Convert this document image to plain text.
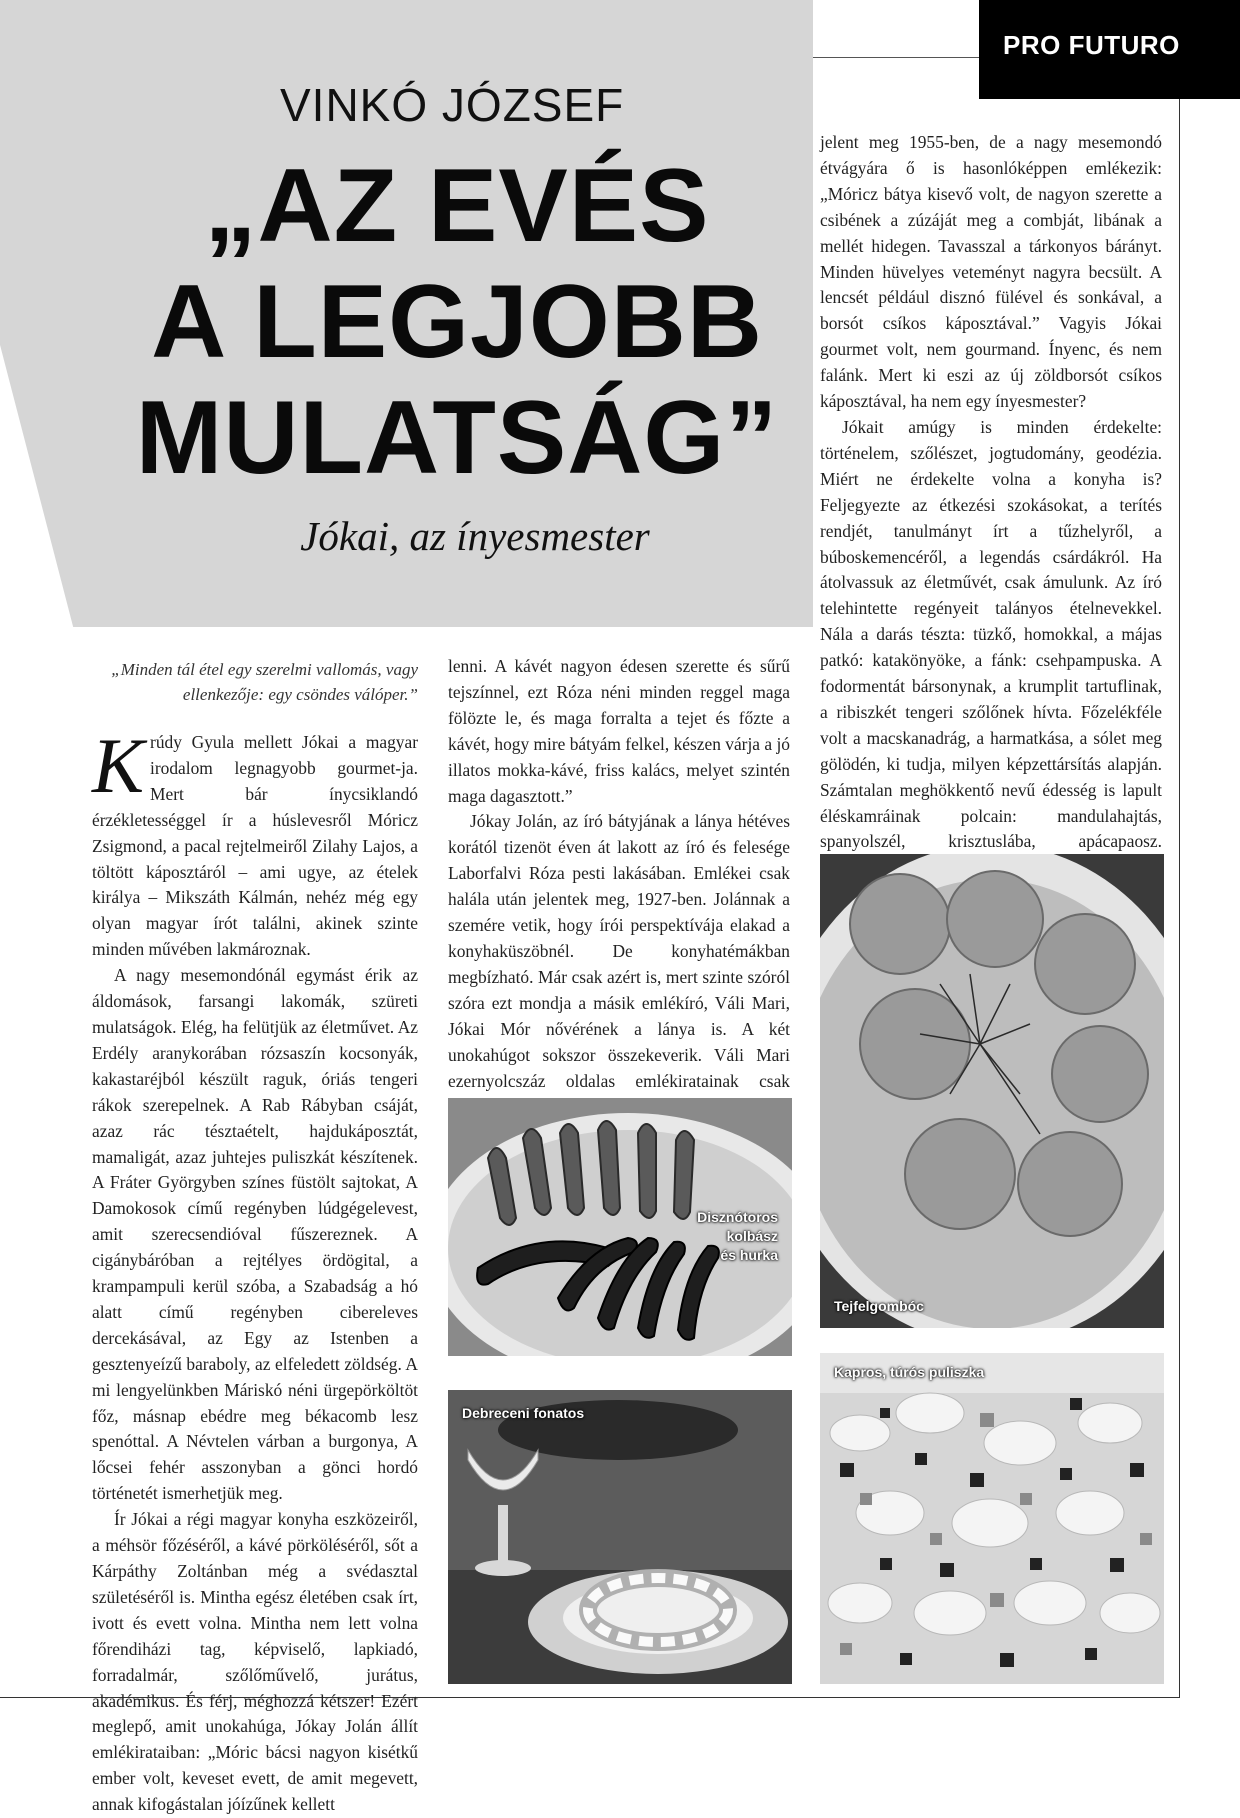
PRO FUTURO
VINKÓ JÓZSEF
„AZ EVÉS
A LEGJOBB
MULATSÁG”
Jókai, az ínyesmester
„Minden tál étel egy szerelmi vallomás, vagy ellenkezője: egy csöndes válóper.”

Krúdy Gyula mellett Jókai a magyar irodalom legnagyobb gourmet-ja. Mert bár ínycsiklandó érzékletességgel ír a húslevesről Móricz Zsigmond, a pacal rejtelmeiről Zilahy Lajos, a töltött káposztáról – ami ugye, az ételek királya – Mikszáth Kálmán, nehéz még egy olyan magyar írót találni, akinek szinte minden művében lakmároznak.

A nagy mesemondónál egymást érik az áldomások, farsangi lakomák, szüreti mulatságok. Elég, ha felütjük az életművet. Az Erdély aranykorában rózsaszín kocsonyák, kakastaréjból készült raguk, óriás tengeri rákok szerepelnek. A Rab Rábyban csáját, azaz rác tésztaételt, hajdukáposztát, mamaligát, azaz juhtejes puliszkát készítenek. A Fráter Györgyben színes füstölt sajtokat, A Damokosok című regényben lúdgégelevest, amit szerecsendióval fűszereznek. A cigánybáróban a rejtélyes ördögital, a krampampuli kerül szóba, a Szabadság a hó alatt című regényben cibereleves dercekásával, az Egy az Istenben a gesztenyeízű baraboly, az elfeledett zöldség. A mi lengyelünkben Máriskó néni ürgepörköltöt főz, másnap ebédre meg békacomb lesz spenóttal. A Névtelen várban a burgonya, A lőcsei fehér asszonyban a gönci hordó történetét ismerhetjük meg.

Ír Jókai a régi magyar konyha eszközeiről, a méhsör főzéséről, a kávé pörköléséről, sőt a Kárpáthy Zoltánban még a svédasztal születéséről is. Mintha egész életében csak írt, ivott és evett volna. Mintha nem lett volna főrendiházi tag, képviselő, lapkiadó, forradalmár, szőlőművelő, jurátus, akadémikus. És férj, méghozzá kétszer! Ezért meglepő, amit unokahúga, Jókay Jolán állít emlékirataiban: „Móric bácsi nagyon kisétkű ember volt, keveset evett, de amit megevett, annak kifogástalan jóízűnek kellett

lenni. A kávét nagyon édesen szerette és sűrű tejszínnel, ezt Róza néni minden reggel maga fölözte le, és maga forralta a tejet és főzte a kávét, hogy mire bátyám felkel, készen várja a jó illatos mokka-kávé, friss kalács, melyet szintén maga dagasztott.”

Jókay Jolán, az író bátyjának a lánya hétéves korától tizenöt éven át lakott az író és felesége Laborfalvi Róza pesti lakásában. Emlékei csak halála után jelentek meg, 1927-ben. Jolánnak a szemére vetik, hogy írói perspektívája elakad a konyhaküszöbnél. De konyhatémákban megbízható. Már csak azért is, mert szinte szóról szóra ezt mondja a másik emlékíró, Váli Mari, Jókai Mór nővérének a lánya is. A két unokahúgot sokszor összekeverik. Váli Mari ezernyolcszáz oldalas emlékiratainak csak

jelent meg 1955-ben, de a nagy mesemondó étvágyára ő is hasonlóképpen emlékezik: „Móricz bátya kisevő volt, de nagyon szerette a csibének a zúzáját meg a combját, libának a mellét hidegen. Tavasszal a tárkonyos bárányt. Minden hüvelyes veteményt nagyra becsült. A lencsét például disznó fülével és sonkával, a borsót csíkos káposztával.” Vagyis Jókai gourmet volt, nem gourmand. Ínyenc, és nem falánk. Mert ki eszi az új zöldborsót csíkos káposztával, ha nem egy ínyesmester?

Jókait amúgy is minden érdekelte: történelem, szőlészet, jogtudomány, geodézia. Miért ne érdekelte volna a konyha is? Feljegyezte az étkezési szokásokat, a terítés rendjét, tanulmányt írt a tűzhelyről, a búboskemencéről, a legendás csárdákról. Ha átolvassuk az életművét, csak ámulunk. Az író telehintette regényeit talányos ételnevekkel. Nála a darás tészta: tüzkő, homokkal, a májas patkó: katakönyöke, a fánk: csehpampuska. A fodormentát bársonynak, a krumplit tartuflinak, a ribiszkét tengeri szőlőnek hívta. Főzelékféle volt a macskanadrág, a harmatkása, a sólet meg gölödén, ki tudja, milyen képzettársítás alapján. Számtalan meghökkentő nevű édesség is lapult éléskamráinak polcain: mandulahajtás, spanyolszél, krisztuslába, apácapaosz.

Disznótoros
kolbász
és hurka
Tejfelgombóc
Debreceni fonatos
Kapros, túrós puliszka
